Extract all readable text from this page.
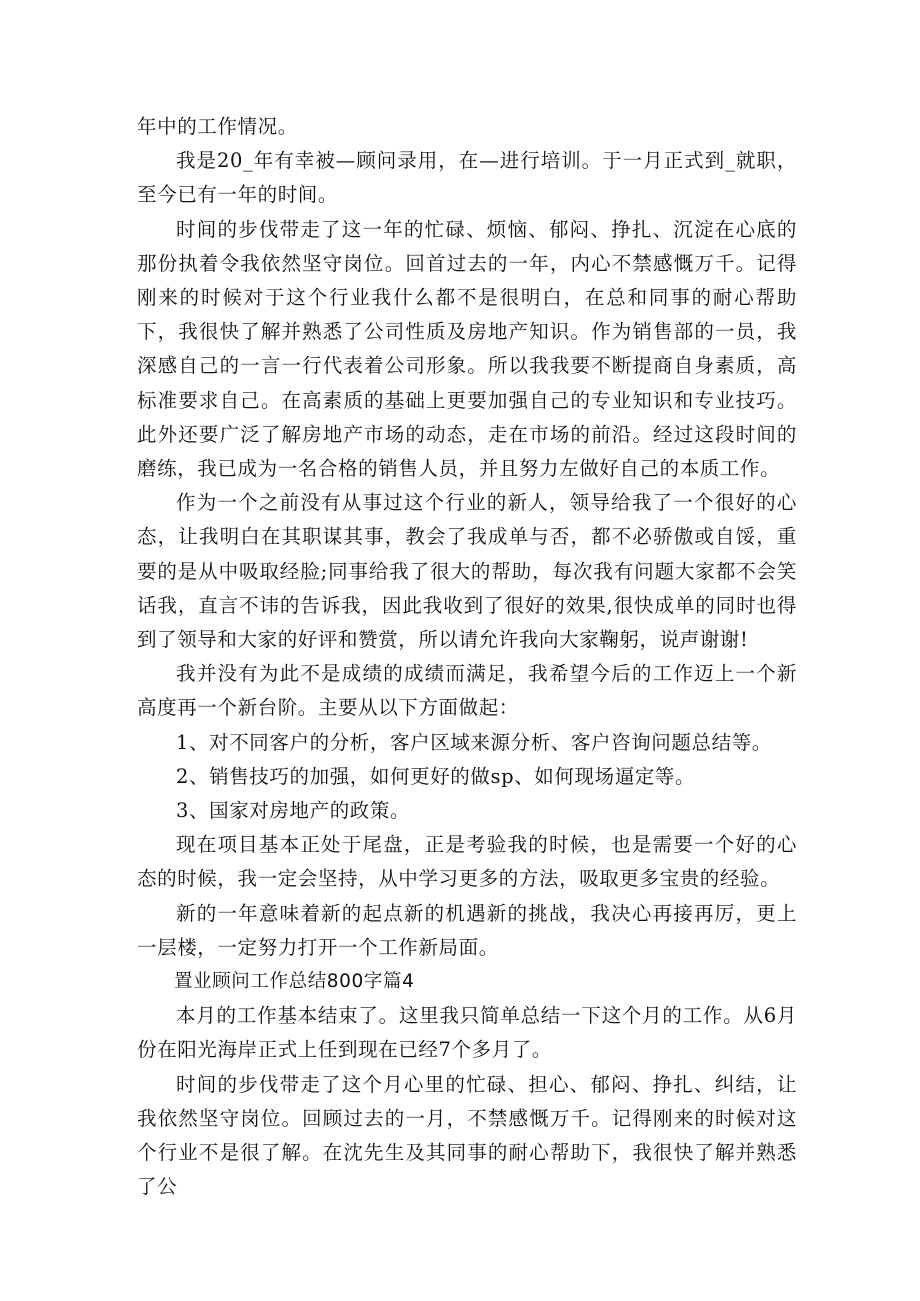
年中的工作情况。

我是20_年有幸被—顾问录用，在—进行培训。于一月正式到_就职，至今已有一年的时间。

时间的步伐带走了这一年的忙碌、烦恼、郁闷、挣扎、沉淀在心底的那份执着令我依然坚守岗位。回首过去的一年，内心不禁感慨万千。记得刚来的时候对于这个行业我什么都不是很明白，在总和同事的耐心帮助下，我很快了解并熟悉了公司性质及房地产知识。作为销售部的一员，我深感自己的一言一行代表着公司形象。所以我我要不断提商自身素质，高标准要求自己。在高素质的基础上更要加强自己的专业知识和专业技巧。此外还要广泛了解房地产市场的动态，走在市场的前沿。经过这段时间的磨练，我已成为一名合格的销售人员，并且努力左做好自己的本质工作。

作为一个之前没有从事过这个行业的新人，领导给我了一个很好的心态，让我明白在其职谋其事，教会了我成单与否，都不必骄傲或自馁，重要的是从中吸取经脸;同事给我了很大的帮助，每次我有问题大家都不会笑话我，直言不讳的告诉我，因此我收到了很好的效果,很快成单的同时也得到了领导和大家的好评和赞赏，所以请允许我向大家鞠躬，说声谢谢!

我并没有为此不是成绩的成绩而满足，我希望今后的工作迈上一个新高度再一个新台阶。主要从以下方面做起：

1、对不同客户的分析，客户区域来源分析、客户咨询问题总结等。

2、销售技巧的加强，如何更好的做sp、如何现场逼定等。

3、国家对房地产的政策。

现在项目基本正处于尾盘，正是考验我的时候，也是需要一个好的心态的时候，我一定会坚持，从中学习更多的方法，吸取更多宝贵的经验。

新的一年意味着新的起点新的机遇新的挑战，我决心再接再厉，更上一层楼，一定努力打开一个工作新局面。

置业顾问工作总结800字篇4

本月的工作基本结束了。这里我只简单总结一下这个月的工作。从6月份在阳光海岸正式上任到现在已经7个多月了。

时间的步伐带走了这个月心里的忙碌、担心、郁闷、挣扎、纠结，让我依然坚守岗位。回顾过去的一月，不禁感慨万千。记得刚来的时候对这个行业不是很了解。在沈先生及其同事的耐心帮助下，我很快了解并熟悉了公
